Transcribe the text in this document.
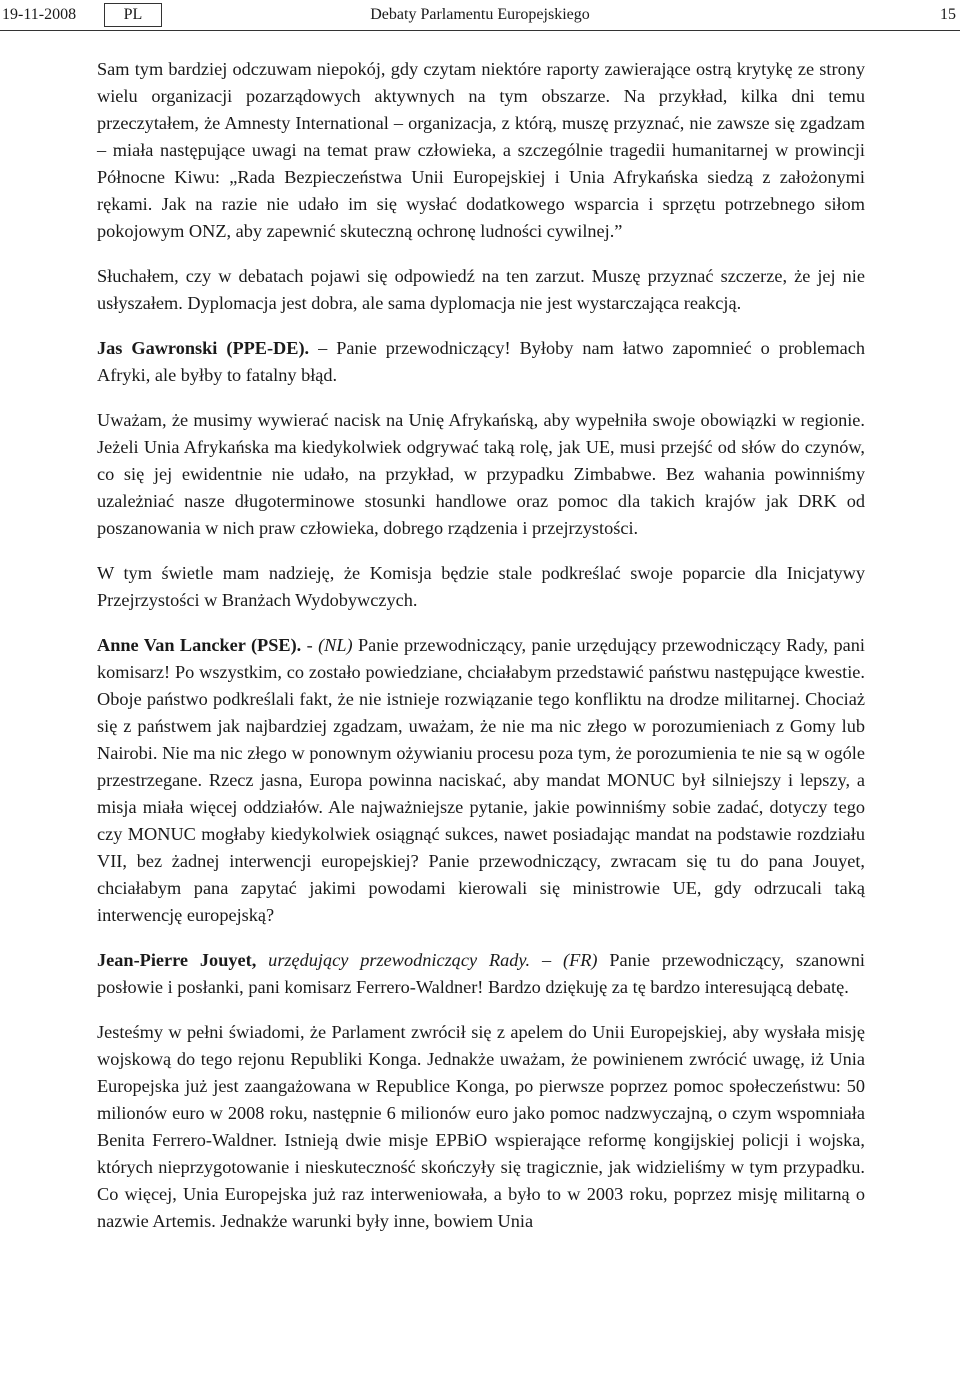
19-11-2008	PL	Debaty Parlamentu Europejskiego	15

Sam tym bardziej odczuwam niepokój, gdy czytam niektóre raporty zawierające ostrą krytykę ze strony wielu organizacji pozarządowych aktywnych na tym obszarze. Na przykład, kilka dni temu przeczytałem, że Amnesty International – organizacja, z którą, muszę przyznać, nie zawsze się zgadzam – miała następujące uwagi na temat praw człowieka, a szczególnie tragedii humanitarnej w prowincji Północne Kiwu: „Rada Bezpieczeństwa Unii Europejskiej i Unia Afrykańska siedzą z założonymi rękami. Jak na razie nie udało im się wysłać dodatkowego wsparcia i sprzętu potrzebnego siłom pokojowym ONZ, aby zapewnić skuteczną ochronę ludności cywilnej.”

Słuchałem, czy w debatach pojawi się odpowiedź na ten zarzut. Muszę przyznać szczerze, że jej nie usłyszałem. Dyplomacja jest dobra, ale sama dyplomacja nie jest wystarczająca reakcją.

Jas Gawronski (PPE-DE). – Panie przewodniczący! Byłoby nam łatwo zapomnieć o problemach Afryki, ale byłby to fatalny błąd.

Uważam, że musimy wywierać nacisk na Unię Afrykańską, aby wypełniła swoje obowiązki w regionie. Jeżeli Unia Afrykańska ma kiedykolwiek odgrywać taką rolę, jak UE, musi przejść od słów do czynów, co się jej ewidentnie nie udało, na przykład, w przypadku Zimbabwe. Bez wahania powinniśmy uzależniać nasze długoterminowe stosunki handlowe oraz pomoc dla takich krajów jak DRK od poszanowania w nich praw człowieka, dobrego rządzenia i przejrzystości.

W tym świetle mam nadzieję, że Komisja będzie stale podkreślać swoje poparcie dla Inicjatywy Przejrzystości w Branżach Wydobywczych.

Anne Van Lancker (PSE). - (NL) Panie przewodniczący, panie urzędujący przewodniczący Rady, pani komisarz! Po wszystkim, co zostało powiedziane, chciałabym przedstawić państwu następujące kwestie. Oboje państwo podkreślali fakt, że nie istnieje rozwiązanie tego konfliktu na drodze militarnej. Chociaż się z państwem jak najbardziej zgadzam, uważam, że nie ma nic złego w porozumieniach z Gomy lub Nairobi. Nie ma nic złego w ponownym ożywianiu procesu poza tym, że porozumienia te nie są w ogóle przestrzegane. Rzecz jasna, Europa powinna naciskać, aby mandat MONUC był silniejszy i lepszy, a misja miała więcej oddziałów. Ale najważniejsze pytanie, jakie powinniśmy sobie zadać, dotyczy tego czy MONUC mogłaby kiedykolwiek osiągnąć sukces, nawet posiadając mandat na podstawie rozdziału VII, bez żadnej interwencji europejskiej? Panie przewodniczący, zwracam się tu do pana Jouyet, chciałabym pana zapytać jakimi powodami kierowali się ministrowie UE, gdy odrzucali taką interwencję europejską?

Jean-Pierre Jouyet, urzędujący przewodniczący Rady. – (FR) Panie przewodniczący, szanowni posłowie i posłanki, pani komisarz Ferrero-Waldner! Bardzo dziękuję za tę bardzo interesującą debatę.

Jesteśmy w pełni świadomi, że Parlament zwrócił się z apelem do Unii Europejskiej, aby wysłała misję wojskową do tego rejonu Republiki Konga. Jednakże uważam, że powinienem zwrócić uwagę, iż Unia Europejska już jest zaangażowana w Republice Konga, po pierwsze poprzez pomoc społeczeństwu: 50 milionów euro w 2008 roku, następnie 6 milionów euro jako pomoc nadzwyczajną, o czym wspomniała Benita Ferrero-Waldner. Istnieją dwie misje EPBiO wspierające reformę kongijskiej policji i wojska, których nieprzygotowanie i nieskuteczność skończyły się tragicznie, jak widzieliśmy w tym przypadku. Co więcej, Unia Europejska już raz interweniowała, a było to w 2003 roku, poprzez misję militarną o nazwie Artemis. Jednakże warunki były inne, bowiem Unia
